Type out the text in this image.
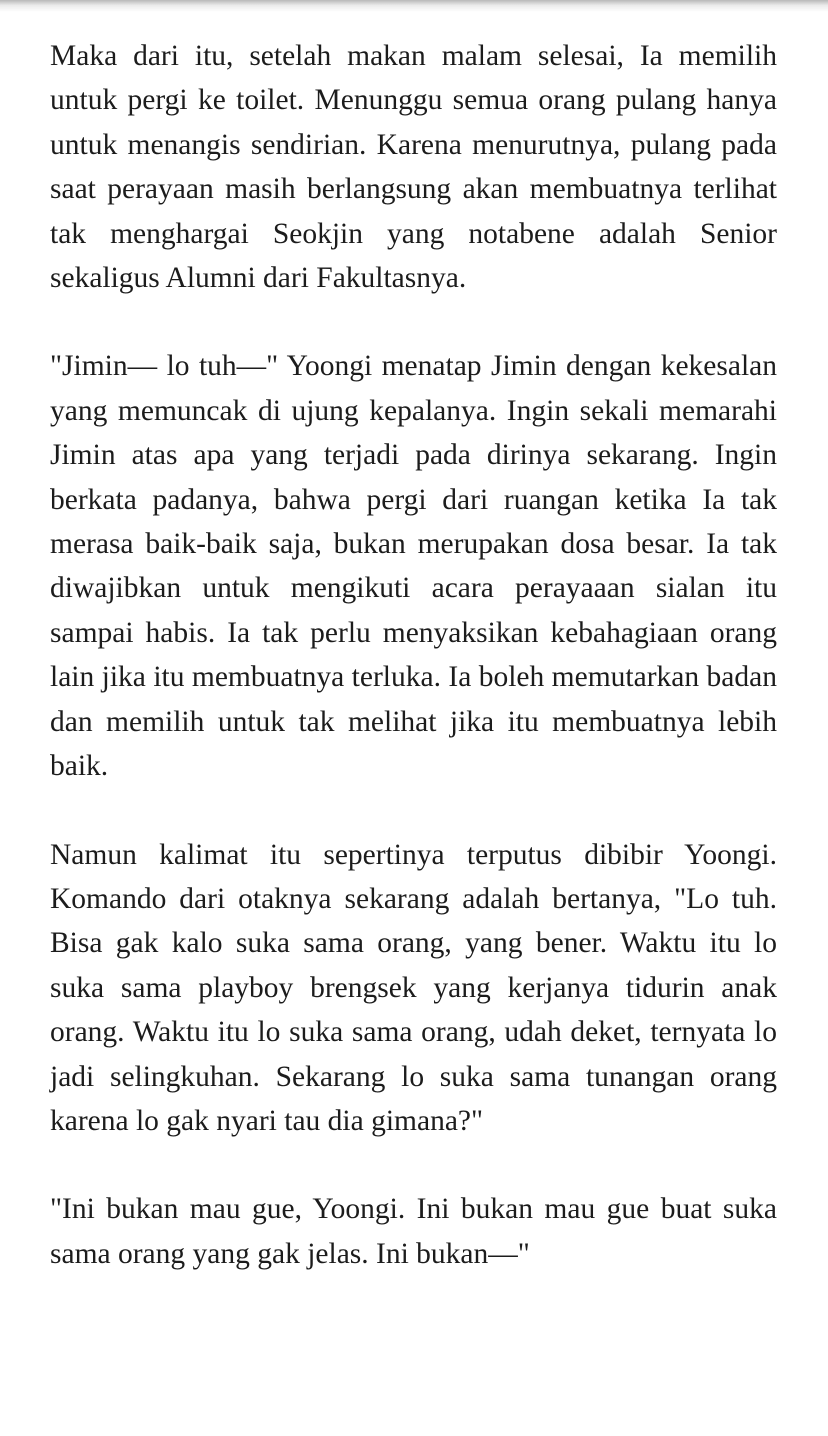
Maka dari itu, setelah makan malam selesai, Ia memilih untuk pergi ke toilet. Menunggu semua orang pulang hanya untuk menangis sendirian. Karena menurutnya, pulang pada saat perayaan masih berlangsung akan membuatnya terlihat tak menghargai Seokjin yang notabene adalah Senior sekaligus Alumni dari Fakultasnya.

"Jimin— lo tuh—" Yoongi menatap Jimin dengan kekesalan yang memuncak di ujung kepalanya. Ingin sekali memarahi Jimin atas apa yang terjadi pada dirinya sekarang. Ingin berkata padanya, bahwa pergi dari ruangan ketika Ia tak merasa baik-baik saja, bukan merupakan dosa besar. Ia tak diwajibkan untuk mengikuti acara perayaaan sialan itu sampai habis. Ia tak perlu menyaksikan kebahagiaan orang lain jika itu membuatnya terluka. Ia boleh memutarkan badan dan memilih untuk tak melihat jika itu membuatnya lebih baik.

Namun kalimat itu sepertinya terputus dibibir Yoongi. Komando dari otaknya sekarang adalah bertanya, "Lo tuh. Bisa gak kalo suka sama orang, yang bener. Waktu itu lo suka sama playboy brengsek yang kerjanya tidurin anak orang. Waktu itu lo suka sama orang, udah deket, ternyata lo jadi selingkuhan. Sekarang lo suka sama tunangan orang karena lo gak nyari tau dia gimana?"

"Ini bukan mau gue, Yoongi. Ini bukan mau gue buat suka sama orang yang gak jelas. Ini bukan—"
